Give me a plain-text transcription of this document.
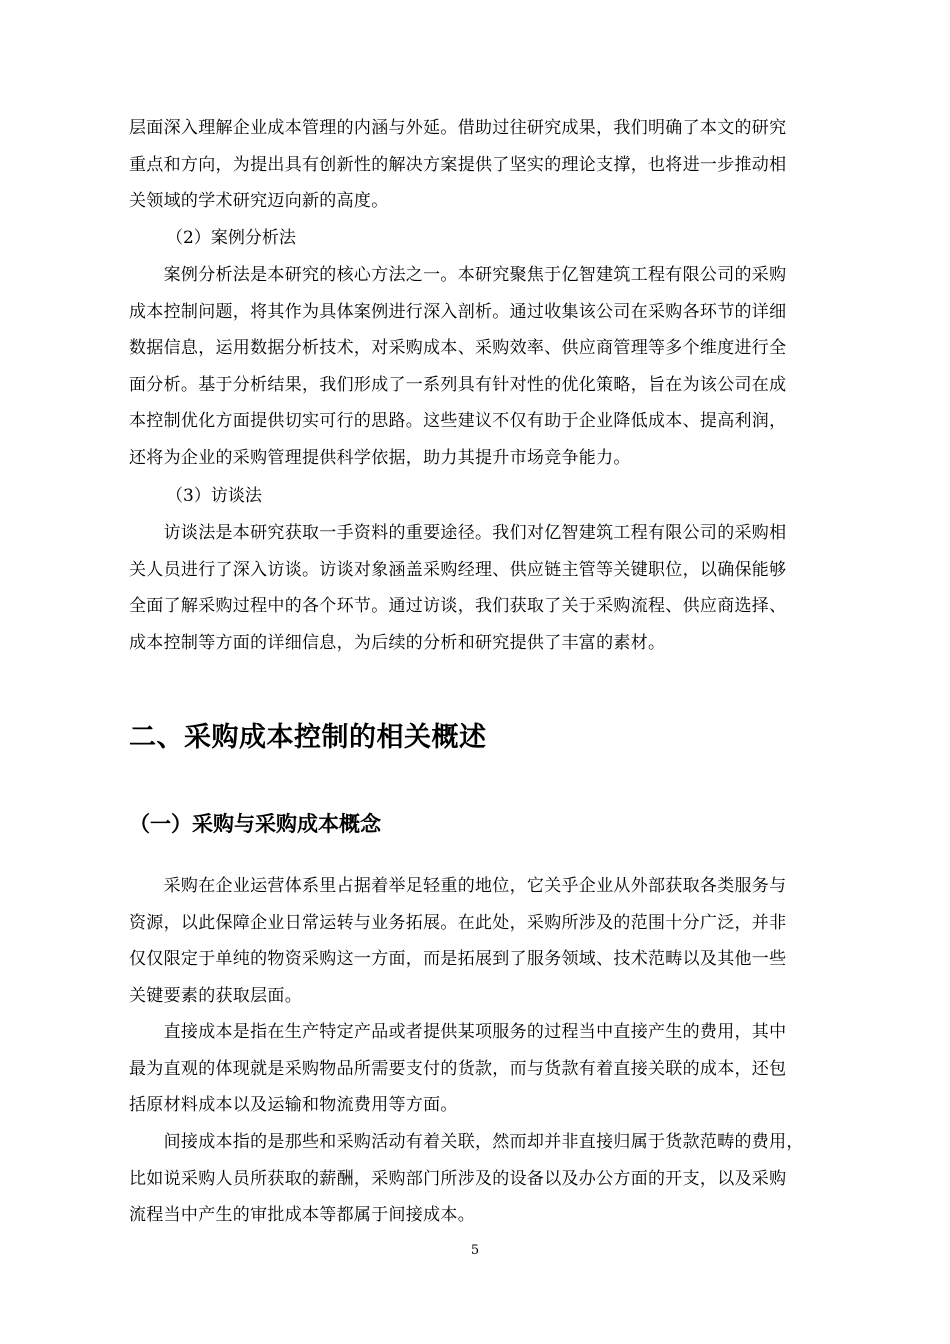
层面深入理解企业成本管理的内涵与外延。借助过往研究成果，我们明确了本文的研究
重点和方向，为提出具有创新性的解决方案提供了坚实的理论支撑，也将进一步推动相
关领域的学术研究迈向新的高度。
（2）案例分析法
　　案例分析法是本研究的核心方法之一。本研究聚焦于亿智建筑工程有限公司的采购
成本控制问题，将其作为具体案例进行深入剖析。通过收集该公司在采购各环节的详细
数据信息，运用数据分析技术，对采购成本、采购效率、供应商管理等多个维度进行全
面分析。基于分析结果，我们形成了一系列具有针对性的优化策略，旨在为该公司在成
本控制优化方面提供切实可行的思路。这些建议不仅有助于企业降低成本、提高利润，
还将为企业的采购管理提供科学依据，助力其提升市场竞争能力。
（3）访谈法
　　访谈法是本研究获取一手资料的重要途径。我们对亿智建筑工程有限公司的采购相
关人员进行了深入访谈。访谈对象涵盖采购经理、供应链主管等关键职位，以确保能够
全面了解采购过程中的各个环节。通过访谈，我们获取了关于采购流程、供应商选择、
成本控制等方面的详细信息，为后续的分析和研究提供了丰富的素材。
二、采购成本控制的相关概述
（一）采购与采购成本概念
　　采购在企业运营体系里占据着举足轻重的地位，它关乎企业从外部获取各类服务与
资源，以此保障企业日常运转与业务拓展。在此处，采购所涉及的范围十分广泛，并非
仅仅限定于单纯的物资采购这一方面，而是拓展到了服务领域、技术范畴以及其他一些
关键要素的获取层面。
　　直接成本是指在生产特定产品或者提供某项服务的过程当中直接产生的费用，其中
最为直观的体现就是采购物品所需要支付的货款，而与货款有着直接关联的成本，还包
括原材料成本以及运输和物流费用等方面。
　　间接成本指的是那些和采购活动有着关联，然而却并非直接归属于货款范畴的费用，
比如说采购人员所获取的薪酬，采购部门所涉及的设备以及办公方面的开支，以及采购
流程当中产生的审批成本等都属于间接成本。
5
